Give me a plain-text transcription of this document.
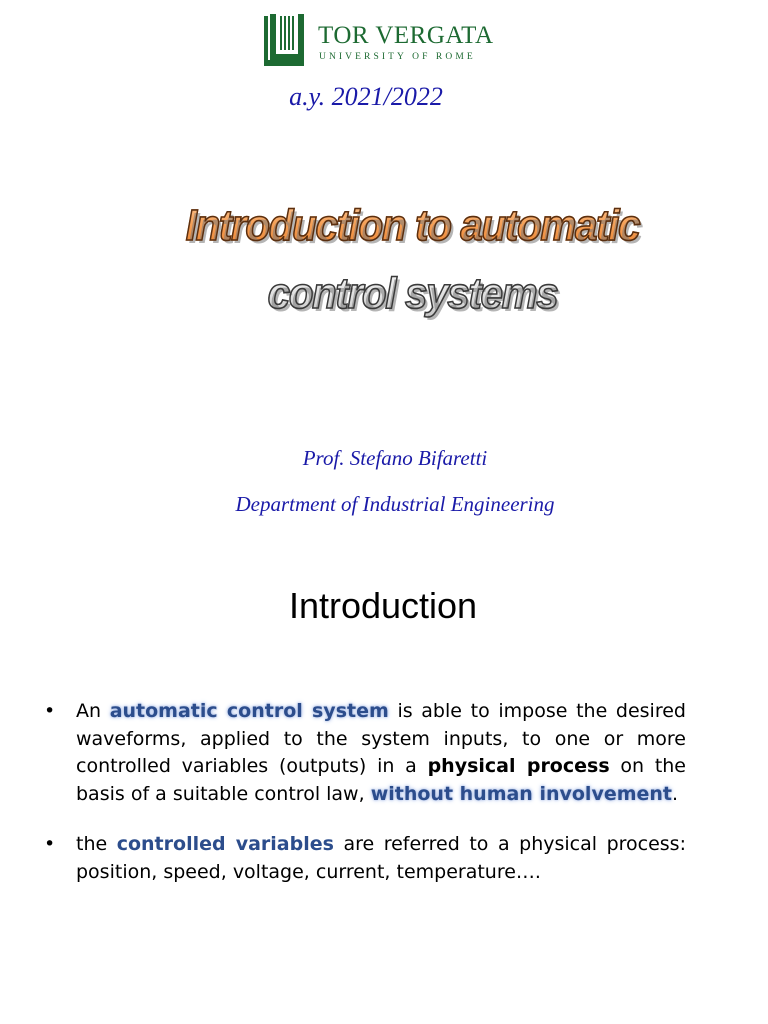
TOR VERGATA
UNIVERSITY OF ROME
a.y. 2021/2022
Introduction to automatic
control systems
Prof. Stefano Bifaretti
Department of Industrial Engineering
Introduction
• An automatic control system is able to impose the desired waveforms, applied to the system inputs, to one or more controlled variables (outputs) in a physical process on the basis of a suitable control law, without human involvement.
• the controlled variables are referred to a physical process: position, speed, voltage, current, temperature….
